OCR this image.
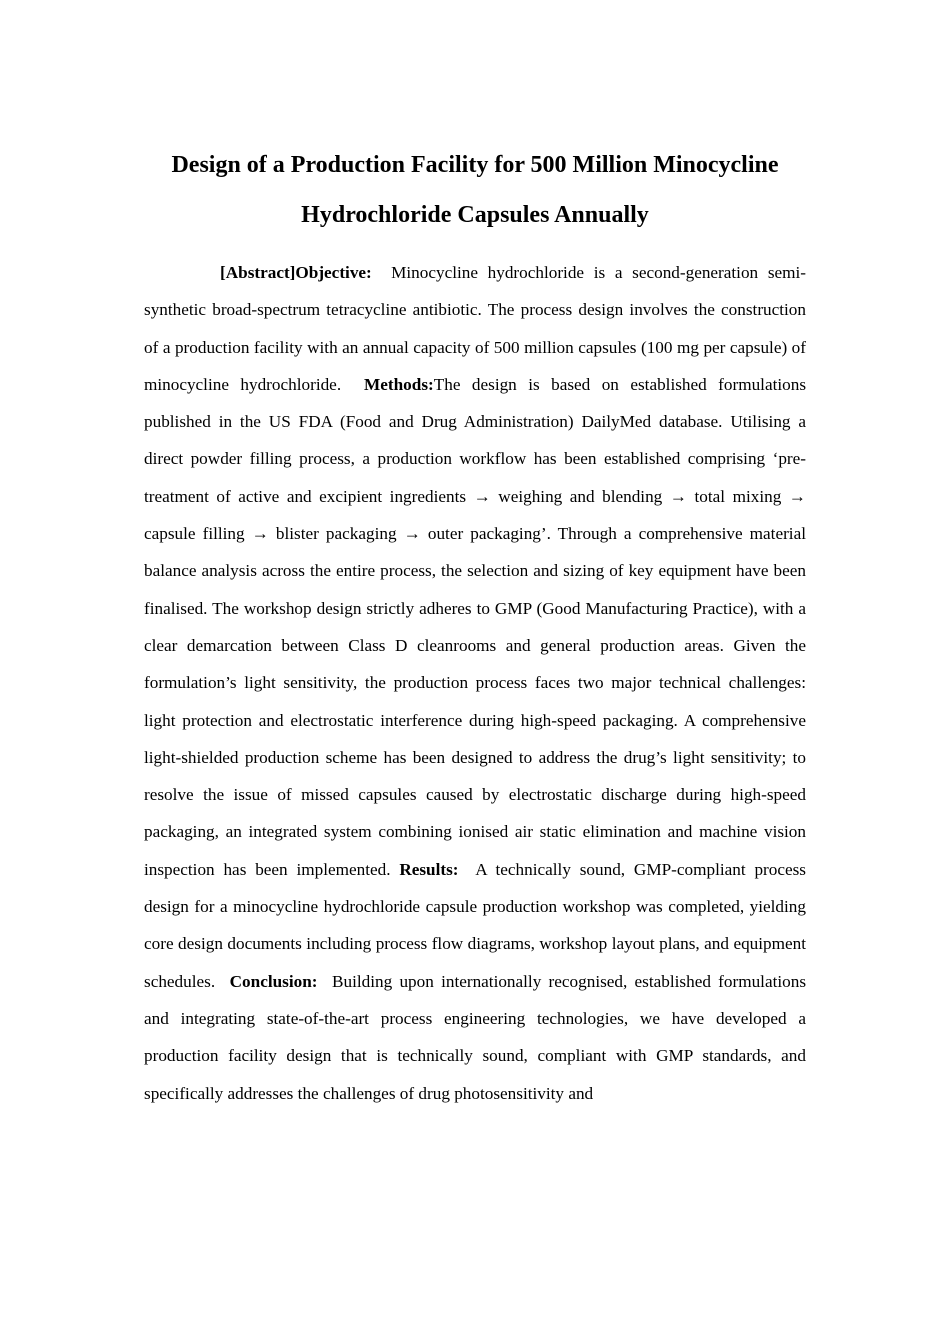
Design of a Production Facility for 500 Million Minocycline
Hydrochloride Capsules Annually

[Abstract]Objective: Minocycline hydrochloride is a second-generation semi-synthetic broad-spectrum tetracycline antibiotic. The process design involves the construction of a production facility with an annual capacity of 500 million capsules (100 mg per capsule) of minocycline hydrochloride. Methods:The design is based on established formulations published in the US FDA (Food and Drug Administration) DailyMed database. Utilising a direct powder filling process, a production workflow has been established comprising ‘pre-treatment of active and excipient ingredients → weighing and blending → total mixing → capsule filling → blister packaging → outer packaging’. Through a comprehensive material balance analysis across the entire process, the selection and sizing of key equipment have been finalised. The workshop design strictly adheres to GMP (Good Manufacturing Practice), with a clear demarcation between Class D cleanrooms and general production areas. Given the formulation’s light sensitivity, the production process faces two major technical challenges: light protection and electrostatic interference during high-speed packaging. A comprehensive light-shielded production scheme has been designed to address the drug’s light sensitivity; to resolve the issue of missed capsules caused by electrostatic discharge during high-speed packaging, an integrated system combining ionised air static elimination and machine vision inspection has been implemented. Results: A technically sound, GMP-compliant process design for a minocycline hydrochloride capsule production workshop was completed, yielding core design documents including process flow diagrams, workshop layout plans, and equipment schedules. Conclusion: Building upon internationally recognised, established formulations and integrating state-of-the-art process engineering technologies, we have developed a production facility design that is technically sound, compliant with GMP standards, and specifically addresses the challenges of drug photosensitivity and
